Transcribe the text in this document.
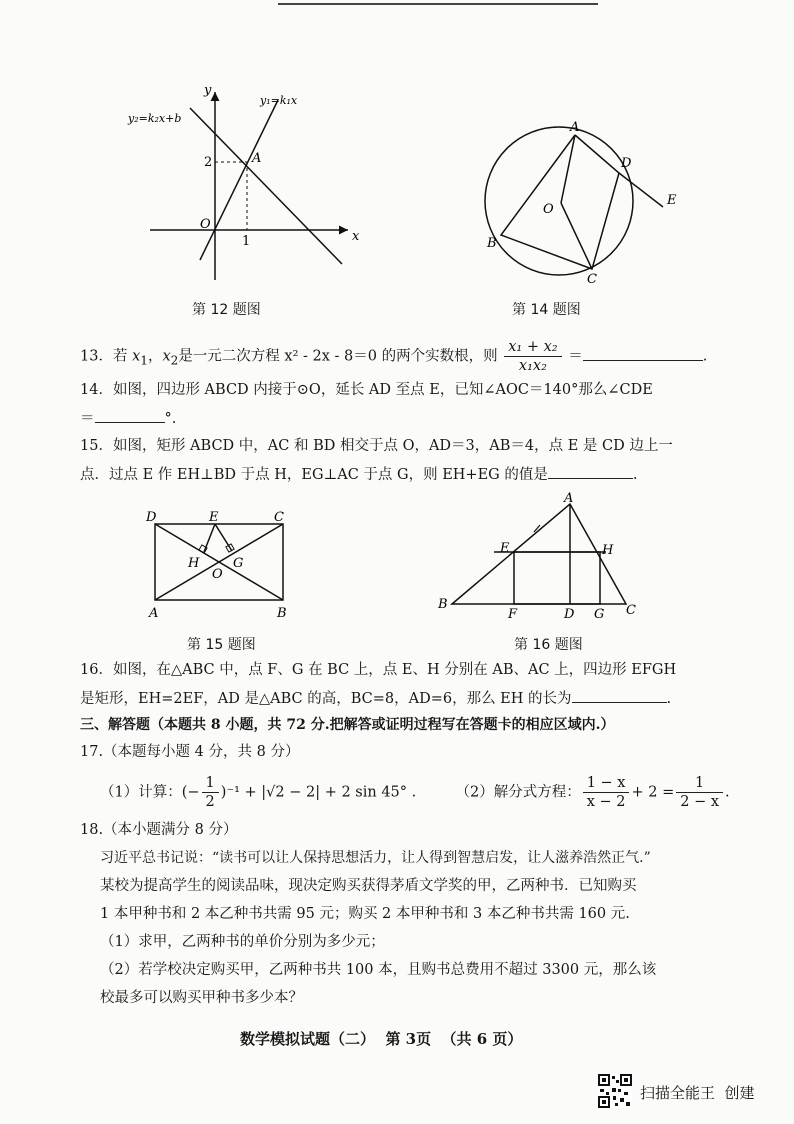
y
x
O
A
2
1
y₁=k₁x
y₂=k₂x+b
第 12 题图
A
D
E
O
B
C
第 14 题图
13．若 $x_1$，$x_2$是一元二次方程 x² - 2x - 8＝0 的两个实数根，则 $\frac{\text{x₁ + x₂}}{\text{x₁x₂}}$ ＝	.
14．如图，四边形 ABCD 内接于⊙O，延长 AD 至点 E，已知∠AOC＝140°那么∠CDE
＝	°.
15．如图，矩形 ABCD 中，AC 和 BD 相交于点 O，AD＝3，AB＝4，点 E 是 CD 边上一
点．过点 E 作 EH⊥BD 于点 H，EG⊥AC 于点 G，则 EH+EG 的值是	.
D	E	C
H
O
G
A	B
第 15 题图
A
E	H
B
F	D G C
第 16 题图
16．如图，在△ABC 中，点 F、G 在 BC 上，点 E、H 分别在 AB、AC 上，四边形 EFGH
是矩形，EH=2EF，AD 是△ABC 的高，BC=8，AD=6，那么 EH 的长为	.
三、解答题（本题共 8 小题，共 72 分.把解答或证明过程写在答题卡的相应区域内.）
17.（本题每小题 4 分，共 8 分）
（1）计算：(− $\frac{1}{2} )^{-1} + |√2 - 2| + 2$ sin 45° .	（2）解分式方程： $\frac{1 - x}{x - 2} + 2 = \frac{1}{2 - x}$ .
18.（本小题满分 8 分）
习近平总书记说：“读书可以让人保持思想活力，让人得到智慧启发，让人滋养浩然正气.”
某校为提高学生的阅读品味，现决定购买获得茅盾文学奖的甲，乙两种书．已知购买
1 本甲种书和 2 本乙种书共需 95 元；购买 2 本甲种书和 3 本乙种书共需 160 元.
（1）求甲，乙两种书的单价分别为多少元；
（2）若学校决定购买甲，乙两种书共 100 本，且购书总费用不超过 3300 元，那么该
校最多可以购买甲种书多少本？
数学模拟试题（二）  第 3页  （共 6 页）
扫描全能王  创建
